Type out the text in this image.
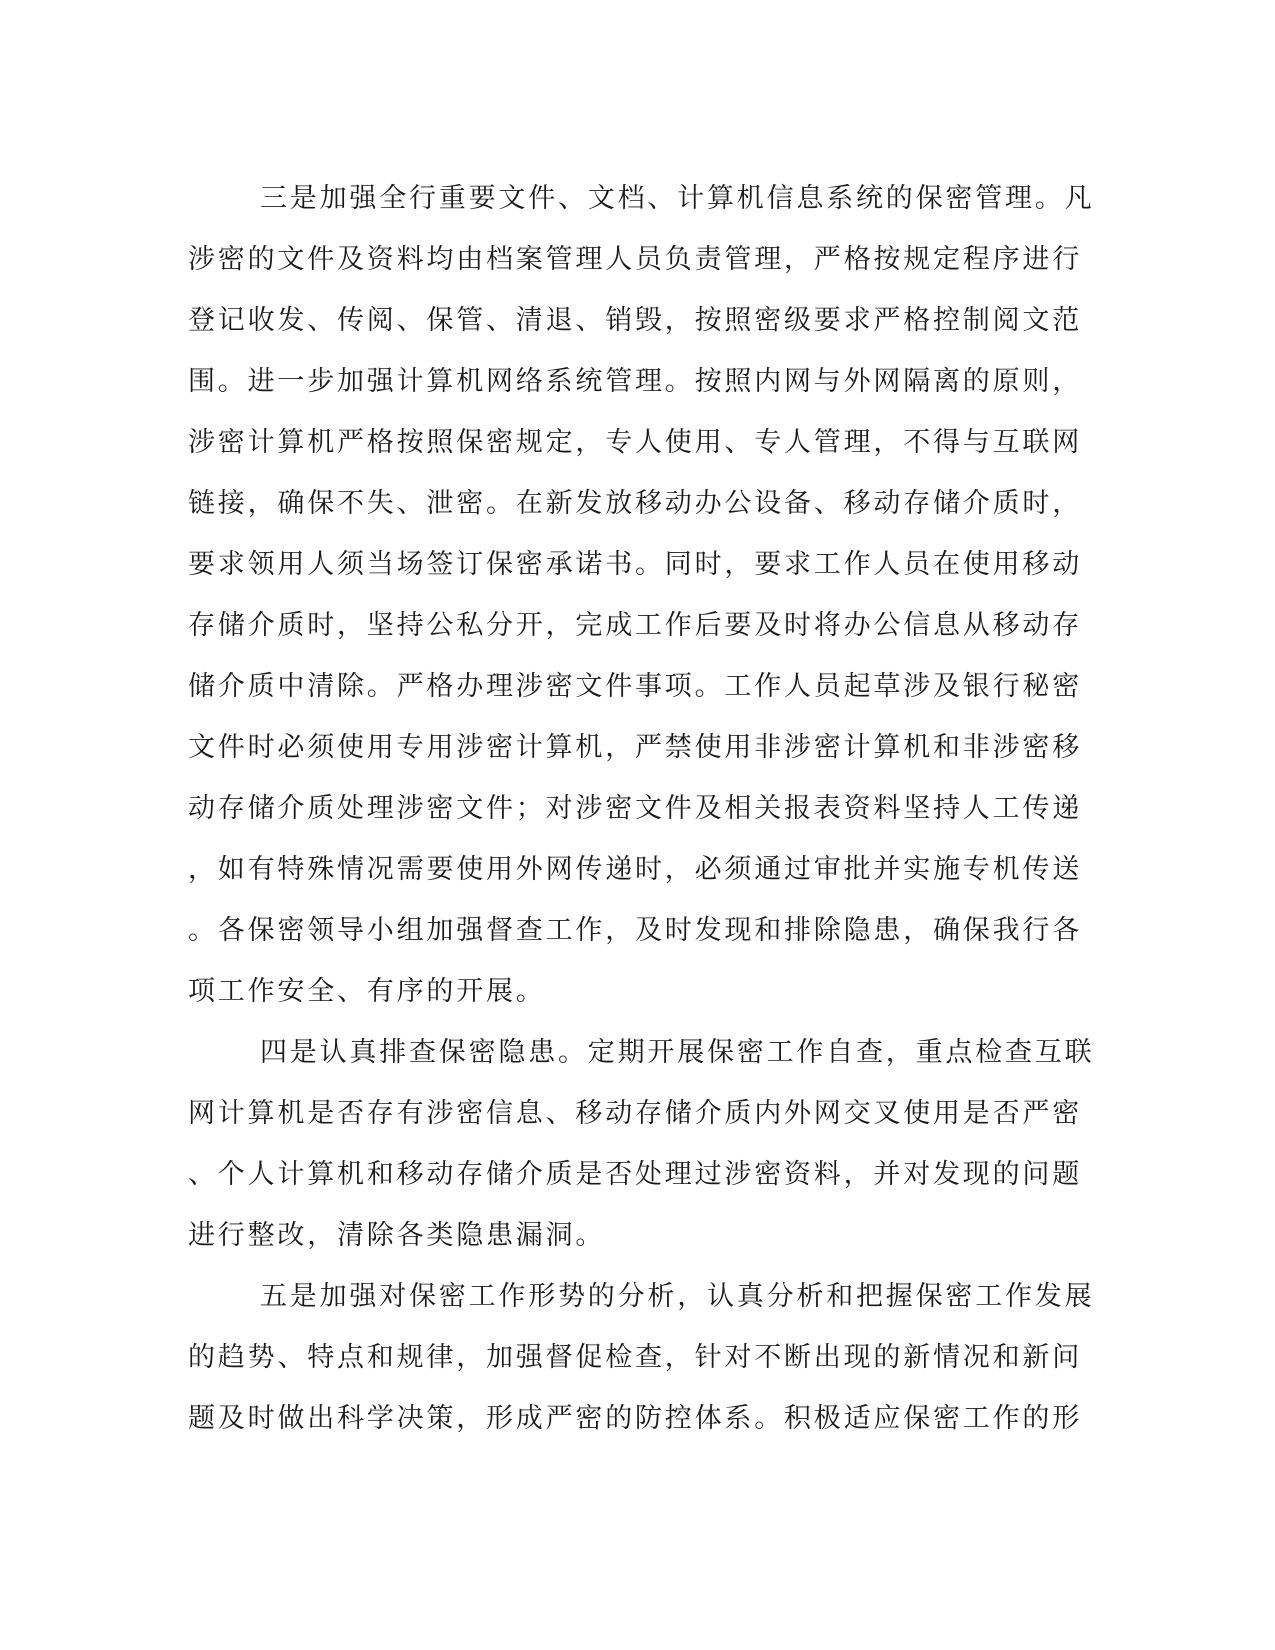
三是加强全行重要文件、文档、计算机信息系统的保密管理。凡
涉密的文件及资料均由档案管理人员负责管理，严格按规定程序进行
登记收发、传阅、保管、清退、销毁，按照密级要求严格控制阅文范
围。进一步加强计算机网络系统管理。按照内网与外网隔离的原则，
涉密计算机严格按照保密规定，专人使用、专人管理，不得与互联网
链接，确保不失、泄密。在新发放移动办公设备、移动存储介质时，
要求领用人须当场签订保密承诺书。同时，要求工作人员在使用移动
存储介质时，坚持公私分开，完成工作后要及时将办公信息从移动存
储介质中清除。严格办理涉密文件事项。工作人员起草涉及银行秘密
文件时必须使用专用涉密计算机，严禁使用非涉密计算机和非涉密移
动存储介质处理涉密文件；对涉密文件及相关报表资料坚持人工传递
，如有特殊情况需要使用外网传递时，必须通过审批并实施专机传送
。各保密领导小组加强督查工作，及时发现和排除隐患，确保我行各
项工作安全、有序的开展。
四是认真排查保密隐患。定期开展保密工作自查，重点检查互联
网计算机是否存有涉密信息、移动存储介质内外网交叉使用是否严密
、个人计算机和移动存储介质是否处理过涉密资料，并对发现的问题
进行整改，清除各类隐患漏洞。
五是加强对保密工作形势的分析，认真分析和把握保密工作发展
的趋势、特点和规律，加强督促检查，针对不断出现的新情况和新问
题及时做出科学决策，形成严密的防控体系。积极适应保密工作的形
